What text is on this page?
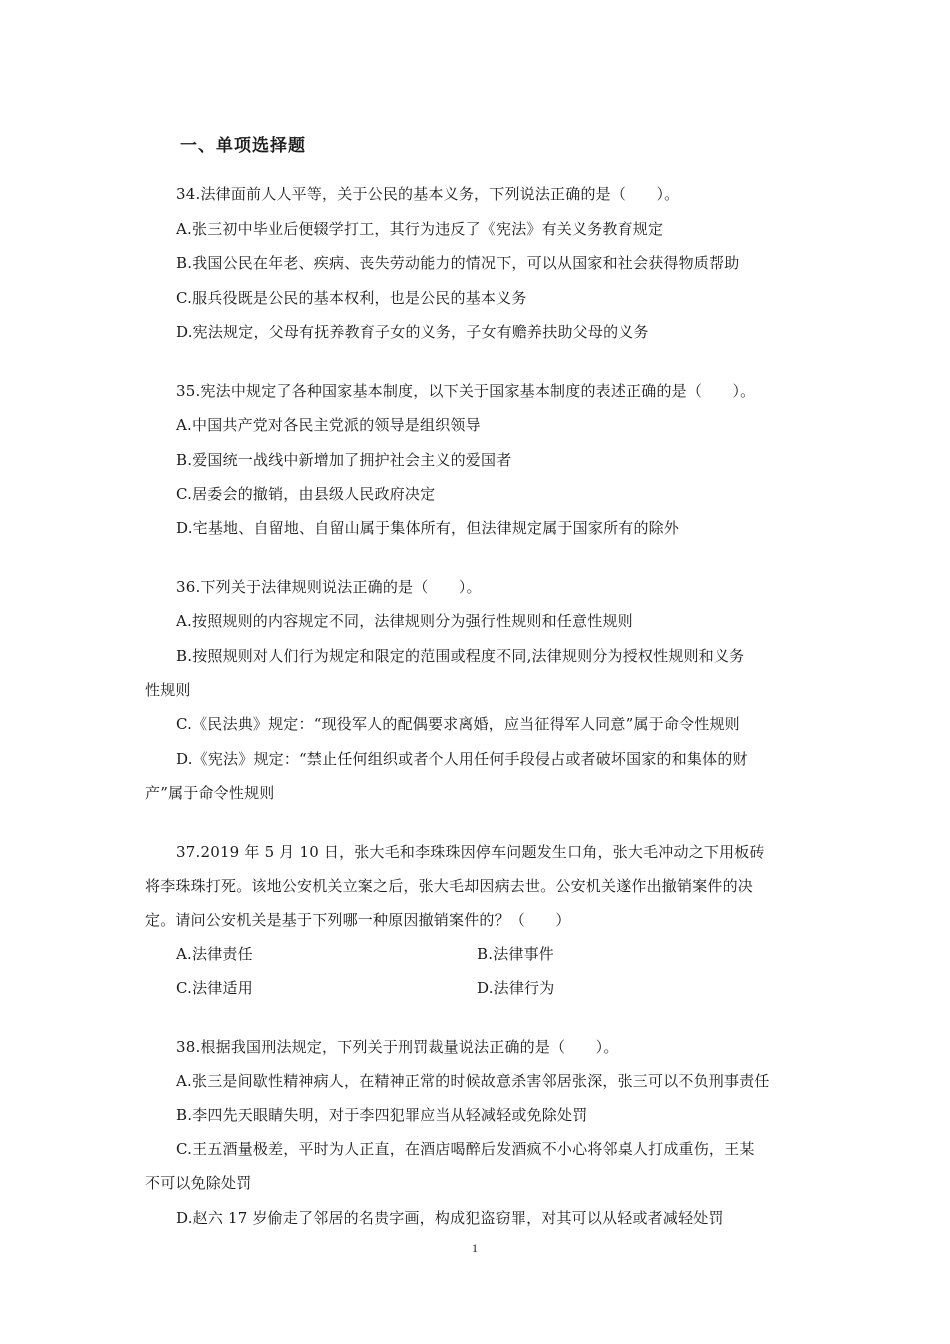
一、单项选择题
34.法律面前人人平等，关于公民的基本义务，下列说法正确的是（　　）。
A.张三初中毕业后便辍学打工，其行为违反了《宪法》有关义务教育规定
B.我国公民在年老、疾病、丧失劳动能力的情况下，可以从国家和社会获得物质帮助
C.服兵役既是公民的基本权利，也是公民的基本义务
D.宪法规定，父母有抚养教育子女的义务，子女有赡养扶助父母的义务
35.宪法中规定了各种国家基本制度，以下关于国家基本制度的表述正确的是（　　）。
A.中国共产党对各民主党派的领导是组织领导
B.爱国统一战线中新增加了拥护社会主义的爱国者
C.居委会的撤销，由县级人民政府决定
D.宅基地、自留地、自留山属于集体所有，但法律规定属于国家所有的除外
36.下列关于法律规则说法正确的是（　　）。
A.按照规则的内容规定不同，法律规则分为强行性规则和任意性规则
B.按照规则对人们行为规定和限定的范围或程度不同,法律规则分为授权性规则和义务
性规则
C.《民法典》规定：“现役军人的配偶要求离婚，应当征得军人同意”属于命令性规则
D.《宪法》规定：“禁止任何组织或者个人用任何手段侵占或者破坏国家的和集体的财
产”属于命令性规则
37.2019 年 5 月 10 日，张大毛和李珠珠因停车问题发生口角，张大毛冲动之下用板砖
将李珠珠打死。该地公安机关立案之后，张大毛却因病去世。公安机关遂作出撤销案件的决
定。请问公安机关是基于下列哪一种原因撤销案件的？（　　）
A.法律责任	B.法律事件
C.法律适用	D.法律行为
38.根据我国刑法规定，下列关于刑罚裁量说法正确的是（　　）。
A.张三是间歇性精神病人，在精神正常的时候故意杀害邻居张深，张三可以不负刑事责任
B.李四先天眼睛失明，对于李四犯罪应当从轻减轻或免除处罚
C.王五酒量极差，平时为人正直，在酒店喝醉后发酒疯不小心将邻桌人打成重伤，王某
不可以免除处罚
D.赵六 17 岁偷走了邻居的名贵字画，构成犯盗窃罪，对其可以从轻或者减轻处罚
1
